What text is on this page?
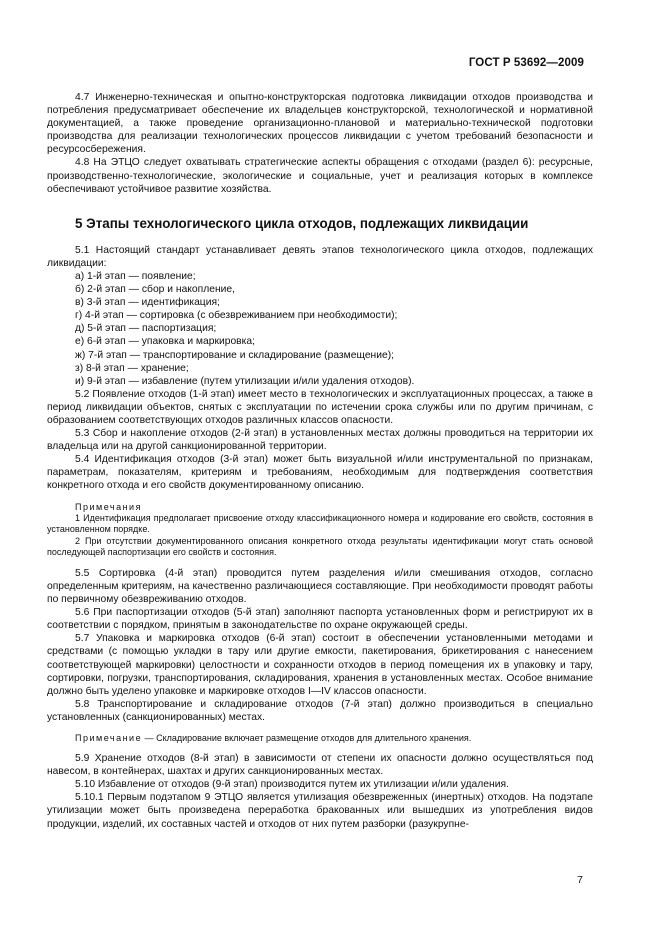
ГОСТ Р 53692—2009

4.7 Инженерно-техническая и опытно-конструкторская подготовка ликвидации отходов производства и потребления предусматривает обеспечение их владельцев конструкторской, технологической и нормативной документацией, а также проведение организационно-плановой и материально-технической подготовки производства для реализации технологических процессов ликвидации с учетом требований безопасности и ресурсосбережения.

4.8 На ЭТЦО следует охватывать стратегические аспекты обращения с отходами (раздел 6): ресурсные, производственно-технологические, экологические и социальные, учет и реализация которых в комплексе обеспечивают устойчивое развитие хозяйства.

5 Этапы технологического цикла отходов, подлежащих ликвидации

5.1 Настоящий стандарт устанавливает девять этапов технологического цикла отходов, подлежащих ликвидации:

а) 1-й этап — появление;

б) 2-й этап — сбор и накопление,

в) 3-й этап — идентификация;

г) 4-й этап — сортировка (с обезвреживанием при необходимости);

д) 5-й этап — паспортизация;

е) 6-й этап — упаковка и маркировка;

ж) 7-й этап — транспортирование и складирование (размещение);

з) 8-й этап — хранение;

и) 9-й этап — избавление (путем утилизации и/или удаления отходов).

5.2 Появление отходов (1-й этап) имеет место в технологических и эксплуатационных процессах, а также в период ликвидации объектов, снятых с эксплуатации по истечении срока службы или по другим причинам, с образованием соответствующих отходов различных классов опасности.

5.3 Сбор и накопление отходов (2-й этап) в установленных местах должны проводиться на территории их владельца или на другой санкционированной территории.

5.4 Идентификация отходов (3-й этап) может быть визуальной и/или инструментальной по признакам, параметрам, показателям, критериям и требованиям, необходимым для подтверждения соответствия конкретного отхода и его свойств документированному описанию.

Примечания

1 Идентификация предполагает присвоение отходу классификационного номера и кодирование его свойств, состояния в установленном порядке.

2 При отсутствии документированного описания конкретного отхода результаты идентификации могут стать основой последующей паспортизации его свойств и состояния.

5.5 Сортировка (4-й этап) проводится путем разделения и/или смешивания отходов, согласно определенным критериям, на качественно различающиеся составляющие. При необходимости проводят работы по первичному обезвреживанию отходов.

5.6 При паспортизации отходов (5-й этап) заполняют паспорта установленных форм и регистрируют их в соответствии с порядком, принятым в законодательстве по охране окружающей среды.

5.7 Упаковка и маркировка отходов (6-й этап) состоит в обеспечении установленными методами и средствами (с помощью укладки в тару или другие емкости, пакетирования, брикетирования с нанесением соответствующей маркировки) целостности и сохранности отходов в период помещения их в упаковку и тару, сортировки, погрузки, транспортирования, складирования, хранения в установленных местах. Особое внимание должно быть уделено упаковке и маркировке отходов I—IV классов опасности.

5.8 Транспортирование и складирование отходов (7-й этап) должно производиться в специально установленных (санкционированных) местах.

Примечание — Складирование включает размещение отходов для длительного хранения.

5.9 Хранение отходов (8-й этап) в зависимости от степени их опасности должно осуществляться под навесом, в контейнерах, шахтах и других санкционированных местах.

5.10 Избавление от отходов (9-й этап) производится путем их утилизации и/или удаления.

5.10.1 Первым подэтапом 9 ЭТЦО является утилизация обезвреженных (инертных) отходов. На подэтапе утилизации может быть произведена переработка бракованных или вышедших из употребления видов продукции, изделий, их составных частей и отходов от них путем разборки (разукрупне-

7
